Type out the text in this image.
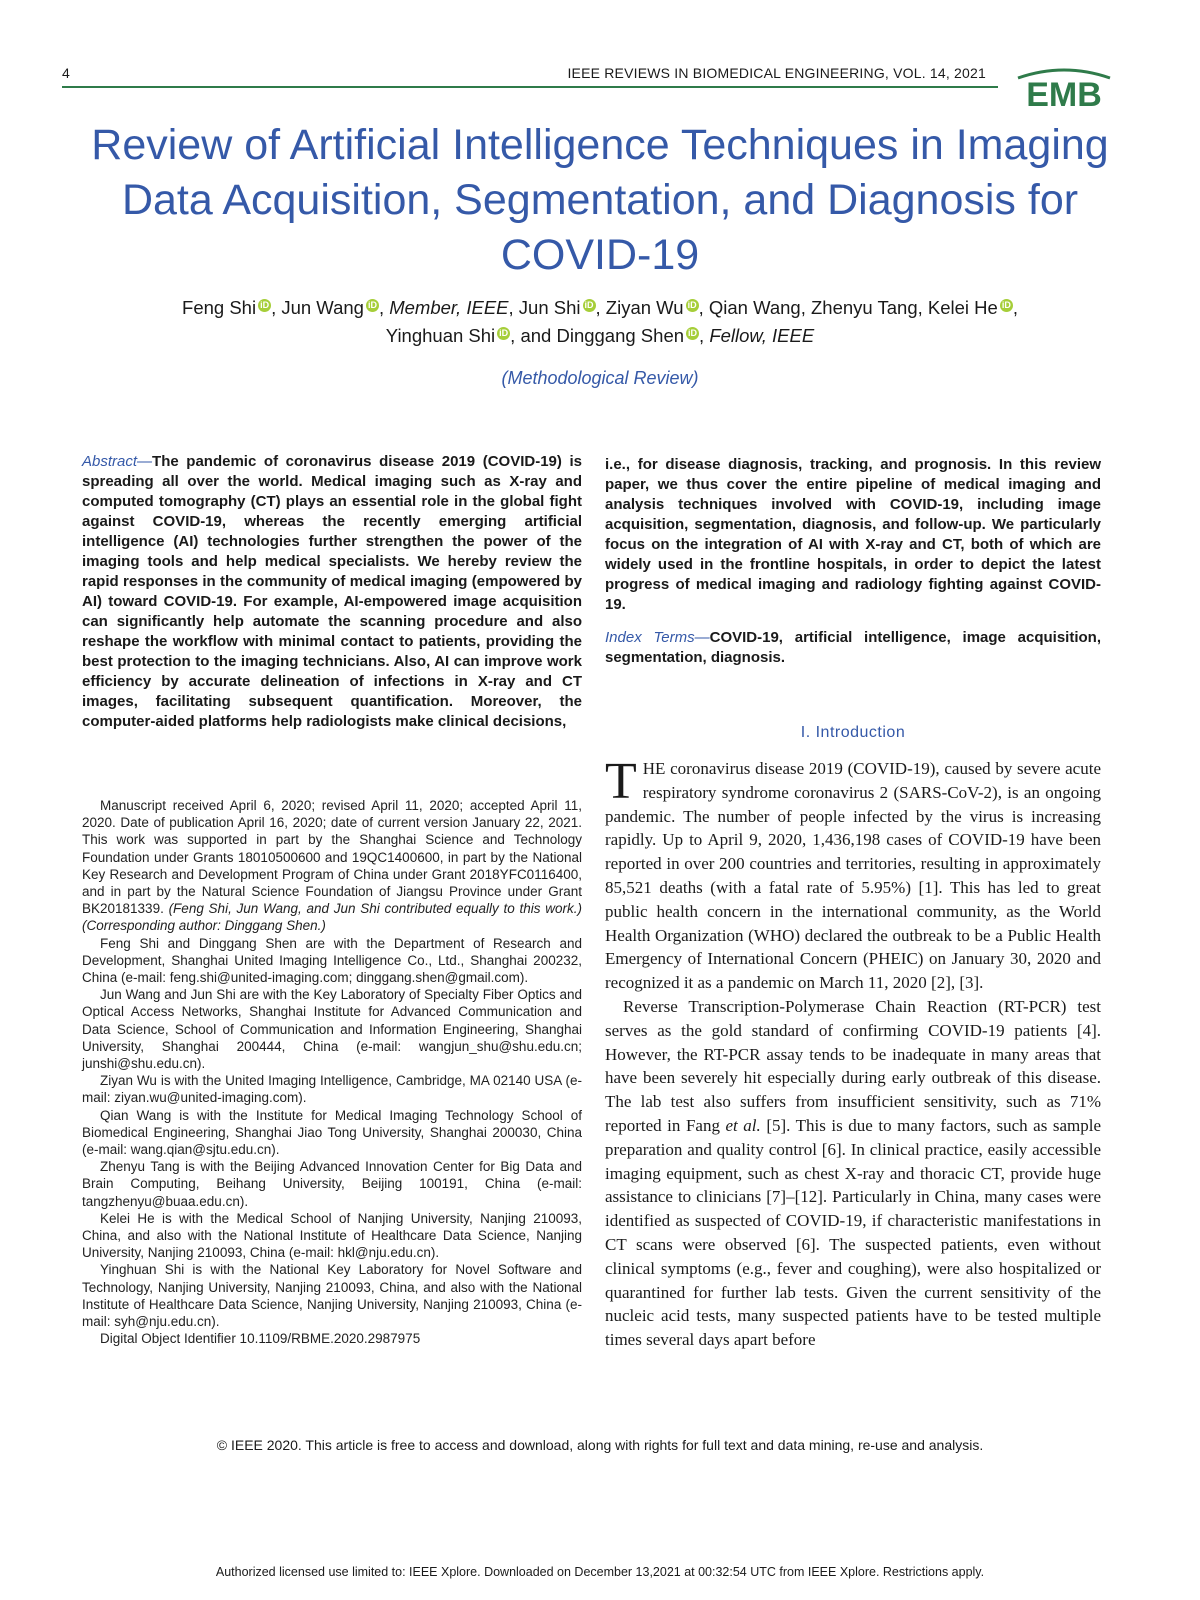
4	IEEE REVIEWS IN BIOMEDICAL ENGINEERING, VOL. 14, 2021
EMB
Review of Artificial Intelligence Techniques in Imaging Data Acquisition, Segmentation, and Diagnosis for COVID-19
Feng Shi iD , Jun Wang iD , Member, IEEE, Jun Shi iD , Ziyan Wu iD , Qian Wang, Zhenyu Tang, Kelei He iD ,
Yinghuan Shi iD , and Dinggang Shen iD , Fellow, IEEE
(Methodological Review)
Abstract—The pandemic of coronavirus disease 2019 (COVID-19) is spreading all over the world. Medical imaging such as X-ray and computed tomography (CT) plays an essential role in the global fight against COVID-19, whereas the recently emerging artificial intelligence (AI) technologies further strengthen the power of the imaging tools and help medical specialists. We hereby review the rapid responses in the community of medical imaging (empowered by AI) toward COVID-19. For example, AI-empowered image acquisition can significantly help automate the scanning procedure and also reshape the workflow with minimal contact to patients, providing the best protection to the imaging technicians. Also, AI can improve work efficiency by accurate delineation of infections in X-ray and CT images, facilitating subsequent quantification. Moreover, the computer-aided platforms help radiologists make clinical decisions,

Manuscript received April 6, 2020; revised April 11, 2020; accepted April 11, 2020. Date of publication April 16, 2020; date of current version January 22, 2021. This work was supported in part by the Shanghai Science and Technology Foundation under Grants 18010500600 and 19QC1400600, in part by the National Key Research and Development Program of China under Grant 2018YFC0116400, and in part by the Natural Science Foundation of Jiangsu Province under Grant BK20181339. (Feng Shi, Jun Wang, and Jun Shi contributed equally to this work.) (Corresponding author: Dinggang Shen.)

Feng Shi and Dinggang Shen are with the Department of Research and Development, Shanghai United Imaging Intelligence Co., Ltd., Shanghai 200232, China (e-mail: feng.shi@united-imaging.com; dinggang.shen@gmail.com).

Jun Wang and Jun Shi are with the Key Laboratory of Specialty Fiber Optics and Optical Access Networks, Shanghai Institute for Advanced Communication and Data Science, School of Communication and Information Engineering, Shanghai University, Shanghai 200444, China (e-mail: wangjun_shu@shu.edu.cn; junshi@shu.edu.cn).

Ziyan Wu is with the United Imaging Intelligence, Cambridge, MA 02140 USA (e-mail: ziyan.wu@united-imaging.com).

Qian Wang is with the Institute for Medical Imaging Technology School of Biomedical Engineering, Shanghai Jiao Tong University, Shanghai 200030, China (e-mail: wang.qian@sjtu.edu.cn).

Zhenyu Tang is with the Beijing Advanced Innovation Center for Big Data and Brain Computing, Beihang University, Beijing 100191, China (e-mail: tangzhenyu@buaa.edu.cn).

Kelei He is with the Medical School of Nanjing University, Nanjing 210093, China, and also with the National Institute of Healthcare Data Science, Nanjing University, Nanjing 210093, China (e-mail: hkl@nju.edu.cn).

Yinghuan Shi is with the National Key Laboratory for Novel Software and Technology, Nanjing University, Nanjing 210093, China, and also with the National Institute of Healthcare Data Science, Nanjing University, Nanjing 210093, China (e-mail: syh@nju.edu.cn).

Digital Object Identifier 10.1109/RBME.2020.2987975

i.e., for disease diagnosis, tracking, and prognosis. In this review paper, we thus cover the entire pipeline of medical imaging and analysis techniques involved with COVID-19, including image acquisition, segmentation, diagnosis, and follow-up. We particularly focus on the integration of AI with X-ray and CT, both of which are widely used in the frontline hospitals, in order to depict the latest progress of medical imaging and radiology fighting against COVID-19.
Index Terms—COVID-19, artificial intelligence, image acquisition, segmentation, diagnosis.
I. Introduction

THE coronavirus disease 2019 (COVID-19), caused by severe acute respiratory syndrome coronavirus 2 (SARS-CoV-2), is an ongoing pandemic. The number of people infected by the virus is increasing rapidly. Up to April 9, 2020, 1,436,198 cases of COVID-19 have been reported in over 200 countries and territories, resulting in approximately 85,521 deaths (with a fatal rate of 5.95%) [1]. This has led to great public health concern in the international community, as the World Health Organization (WHO) declared the outbreak to be a Public Health Emergency of International Concern (PHEIC) on January 30, 2020 and recognized it as a pandemic on March 11, 2020 [2], [3].

Reverse Transcription-Polymerase Chain Reaction (RT-PCR) test serves as the gold standard of confirming COVID-19 patients [4]. However, the RT-PCR assay tends to be inadequate in many areas that have been severely hit especially during early outbreak of this disease. The lab test also suffers from insufficient sensitivity, such as 71% reported in Fang et al. [5]. This is due to many factors, such as sample preparation and quality control [6]. In clinical practice, easily accessible imaging equipment, such as chest X-ray and thoracic CT, provide huge assistance to clinicians [7]–[12]. Particularly in China, many cases were identified as suspected of COVID-19, if characteristic manifestations in CT scans were observed [6]. The suspected patients, even without clinical symptoms (e.g., fever and coughing), were also hospitalized or quarantined for further lab tests. Given the current sensitivity of the nucleic acid tests, many suspected patients have to be tested multiple times several days apart before

© IEEE 2020. This article is free to access and download, along with rights for full text and data mining, re-use and analysis.
Authorized licensed use limited to: IEEE Xplore. Downloaded on December 13,2021 at 00:32:54 UTC from IEEE Xplore. Restrictions apply.
